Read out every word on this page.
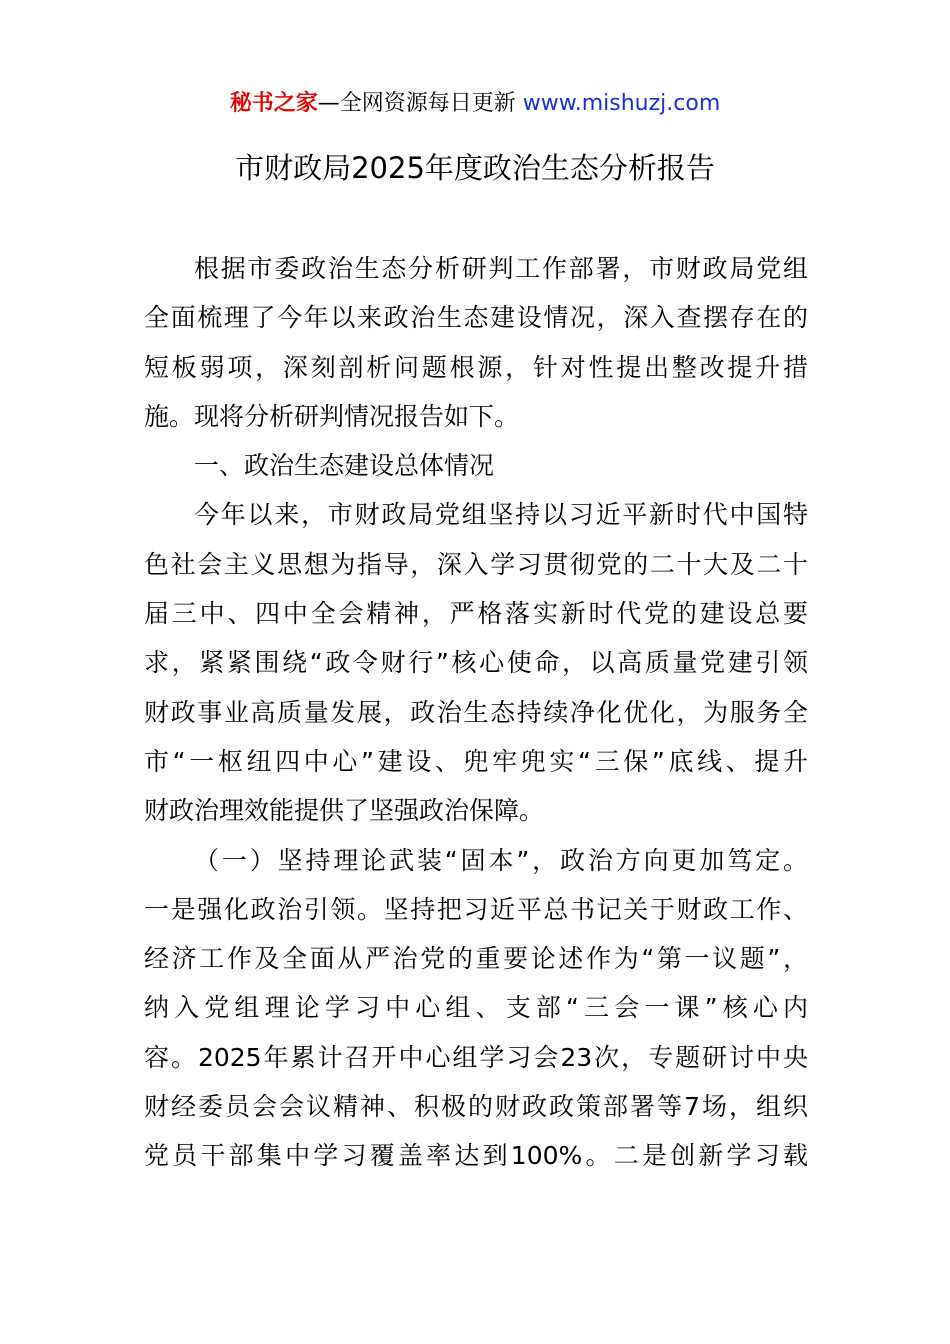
秘书之家—全网资源每日更新 www.mishuzj.com
市财政局2025年度政治生态分析报告
根据市委政治生态分析研判工作部署，市财政局党组
全面梳理了今年以来政治生态建设情况，深入查摆存在的
短板弱项，深刻剖析问题根源，针对性提出整改提升措
施。现将分析研判情况报告如下。
一、政治生态建设总体情况
今年以来，市财政局党组坚持以习近平新时代中国特
色社会主义思想为指导，深入学习贯彻党的二十大及二十
届三中、四中全会精神，严格落实新时代党的建设总要
求，紧紧围绕“政令财行”核心使命，以高质量党建引领
财政事业高质量发展，政治生态持续净化优化，为服务全
市“一枢纽四中心”建设、兜牢兜实“三保”底线、提升
财政治理效能提供了坚强政治保障。
（一）坚持理论武装“固本”，政治方向更加笃定。
一是强化政治引领。坚持把习近平总书记关于财政工作、
经济工作及全面从严治党的重要论述作为“第一议题”，
纳入党组理论学习中心组、支部“三会一课”核心内
容。2025年累计召开中心组学习会23次，专题研讨中央
财经委员会会议精神、积极的财政政策部署等7场，组织
党员干部集中学习覆盖率达到100%。二是创新学习载
